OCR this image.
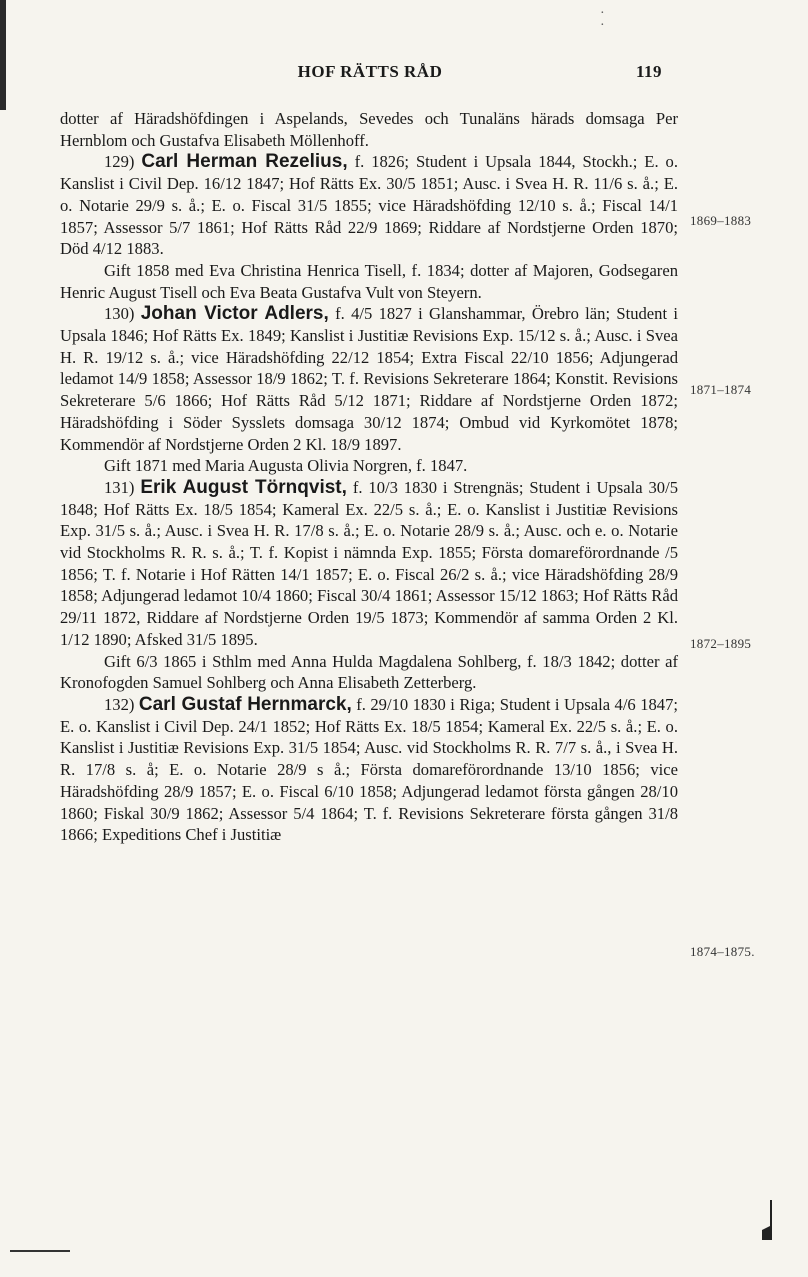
·
·
HOF RÄTTS RÅD	119
1869–1883
1871–1874
1872–1895
1874–1875.

dotter af Häradshöfdingen i Aspelands, Sevedes och Tunaläns härads domsaga Per Hernblom och Gustafva Elisabeth Möllenhoff.

129) Carl Herman Rezelius, f. 1826; Student i Upsala 1844, Stockh.; E. o. Kanslist i Civil Dep. 16/12 1847; Hof Rätts Ex. 30/5 1851; Ausc. i Svea H. R. 11/6 s. å.; E. o. Notarie 29/9 s. å.; E. o. Fiscal 31/5 1855; vice Häradshöfding 12/10 s. å.; Fiscal 14/1 1857; Assessor 5/7 1861; Hof Rätts Råd 22/9 1869; Riddare af Nordstjerne Orden 1870; Död 4/12 1883.

Gift 1858 med Eva Christina Henrica Tisell, f. 1834; dotter af Majoren, Godsegaren Henric August Tisell och Eva Beata Gustafva Vult von Steyern.

130) Johan Victor Adlers, f. 4/5 1827 i Glanshammar, Örebro län; Student i Upsala 1846; Hof Rätts Ex. 1849; Kanslist i Justitiæ Revisions Exp. 15/12 s. å.; Ausc. i Svea H. R. 19/12 s. å.; vice Häradshöfding 22/12 1854; Extra Fiscal 22/10 1856; Adjungerad ledamot 14/9 1858; Assessor 18/9 1862; T. f. Revisions Sekreterare 1864; Konstit. Revisions Sekreterare 5/6 1866; Hof Rätts Råd 5/12 1871; Riddare af Nordstjerne Orden 1872; Häradshöfding i Söder Sysslets domsaga 30/12 1874; Ombud vid Kyrkomötet 1878; Kommendör af Nordstjerne Orden 2 Kl. 18/9 1897.

Gift 1871 med Maria Augusta Olivia Norgren, f. 1847.

131) Erik August Törnqvist, f. 10/3 1830 i Strengnäs; Student i Upsala 30/5 1848; Hof Rätts Ex. 18/5 1854; Kameral Ex. 22/5 s. å.; E. o. Kanslist i Justitiæ Revisions Exp. 31/5 s. å.; Ausc. i Svea H. R. 17/8 s. å.; E. o. Notarie 28/9 s. å.; Ausc. och e. o. Notarie vid Stockholms R. R. s. å.; T. f. Kopist i nämnda Exp. 1855; Första domareförordnande /5 1856; T. f. Notarie i Hof Rätten 14/1 1857; E. o. Fiscal 26/2 s. å.; vice Häradshöfding 28/9 1858; Adjungerad ledamot 10/4 1860; Fiscal 30/4 1861; Assessor 15/12 1863; Hof Rätts Råd 29/11 1872, Riddare af Nordstjerne Orden 19/5 1873; Kommendör af samma Orden 2 Kl. 1/12 1890; Afsked 31/5 1895.

Gift 6/3 1865 i Sthlm med Anna Hulda Magdalena Sohlberg, f. 18/3 1842; dotter af Kronofogden Samuel Sohlberg och Anna Elisabeth Zetterberg.

132) Carl Gustaf Hernmarck, f. 29/10 1830 i Riga; Student i Upsala 4/6 1847; E. o. Kanslist i Civil Dep. 24/1 1852; Hof Rätts Ex. 18/5 1854; Kameral Ex. 22/5 s. å.; E. o. Kanslist i Justitiæ Revisions Exp. 31/5 1854; Ausc. vid Stockholms R. R. 7/7 s. å., i Svea H. R. 17/8 s. å; E. o. Notarie 28/9 s å.; Första domareförordnande 13/10 1856; vice Häradshöfding 28/9 1857; E. o. Fiscal 6/10 1858; Adjungerad ledamot första gången 28/10 1860; Fiskal 30/9 1862; Assessor 5/4 1864; T. f. Revisions Sekreterare första gången 31/8 1866; Expeditions Chef i Justitiæ
